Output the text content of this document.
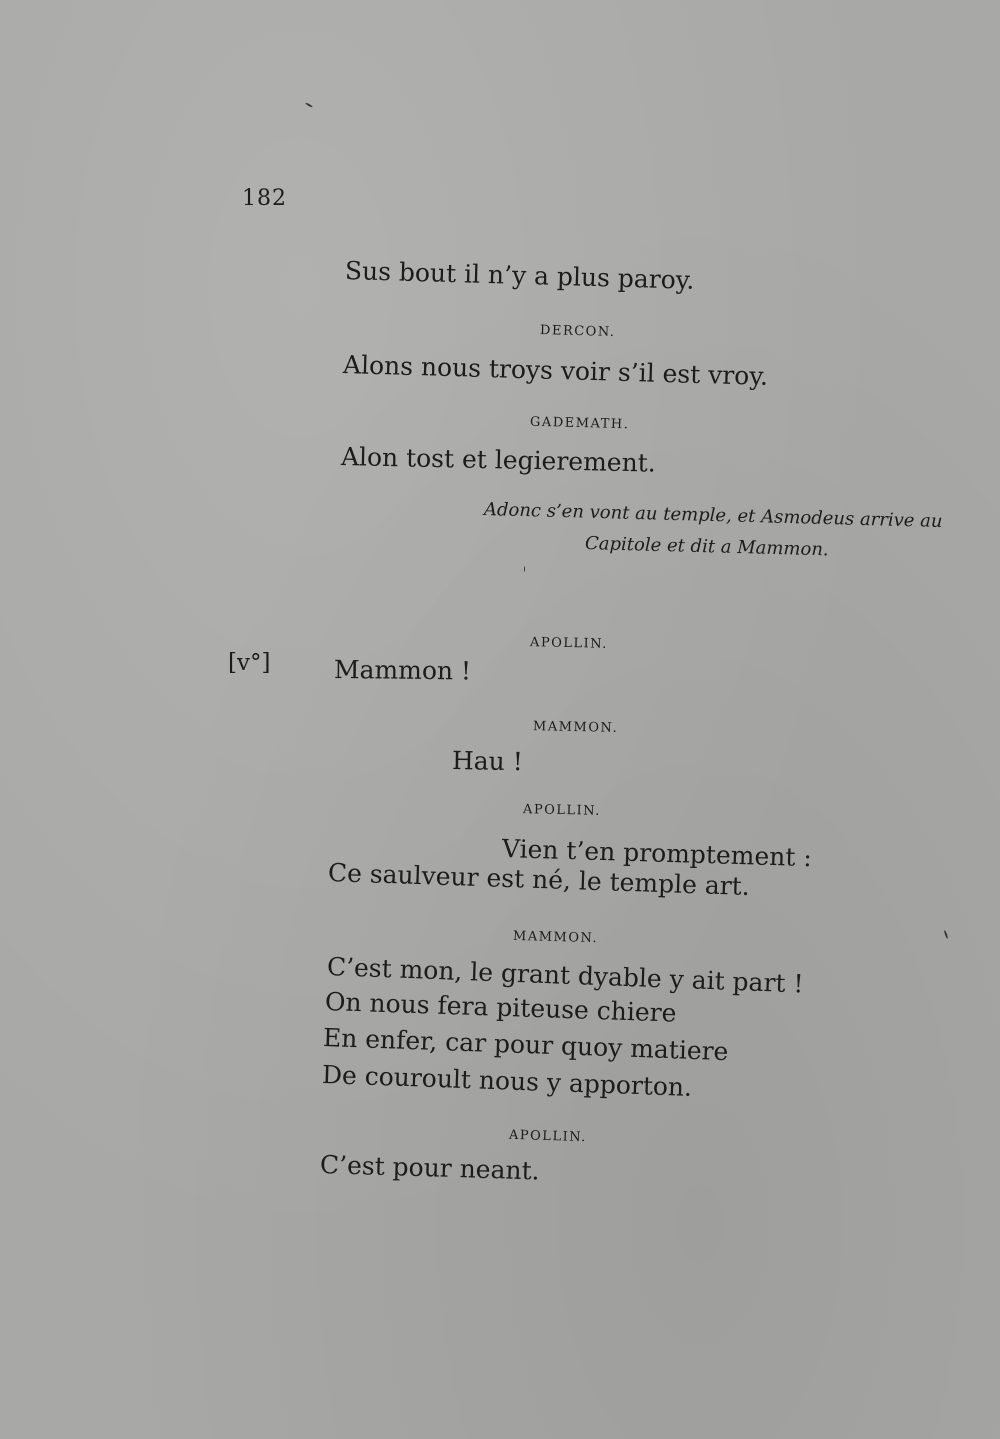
182
[v°]
Sus bout il n’y a plus paroy.
DERCON.
Alons nous troys voir s’il est vroy.
GADEMATH.
Alon tost et legierement.
Adonc s’en vont au temple, et Asmodeus arrive au
Capitole et dit a Mammon.
APOLLIN.
Mammon !
MAMMON.
Hau !
APOLLIN.
Vien t’en promptement :
Ce saulveur est né, le temple art.
MAMMON.
C’est mon, le grant dyable y ait part !
On nous fera piteuse chiere
En enfer, car pour quoy matiere
De couroult nous y apporton.
APOLLIN.
C’est pour neant.
